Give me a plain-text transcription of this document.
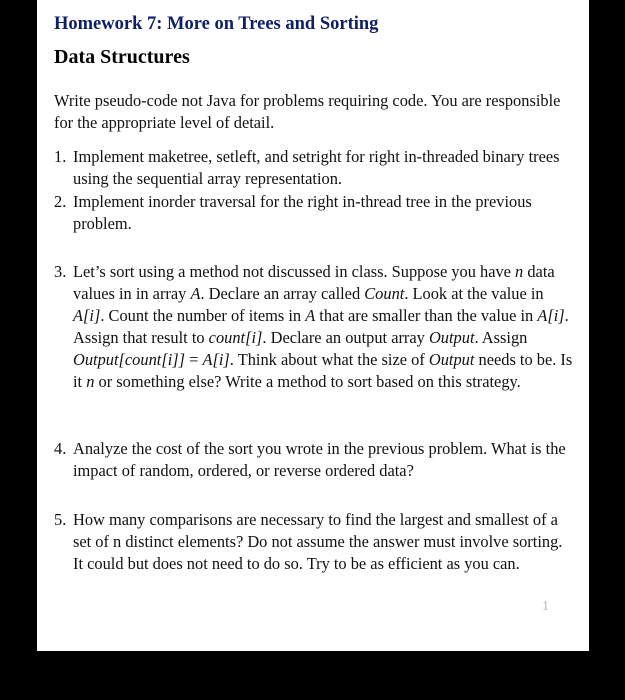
Homework 7: More on Trees and Sorting
Data Structures
Write pseudo-code not Java for problems requiring code. You are responsible for the appropriate level of detail.
1. Implement maketree, setleft, and setright for right in-threaded binary trees using the sequential array representation.
2. Implement inorder traversal for the right in-thread tree in the previous problem.
3. Let’s sort using a method not discussed in class. Suppose you have n data values in in array A. Declare an array called Count. Look at the value in A[i]. Count the number of items in A that are smaller than the value in A[i]. Assign that result to count[i]. Declare an output array Output. Assign Output[count[i]] = A[i]. Think about what the size of Output needs to be. Is it n or something else? Write a method to sort based on this strategy.
4. Analyze the cost of the sort you wrote in the previous problem. What is the impact of random, ordered, or reverse ordered data?
5. How many comparisons are necessary to find the largest and smallest of a set of n distinct elements? Do not assume the answer must involve sorting. It could but does not need to do so. Try to be as efficient as you can.
1
